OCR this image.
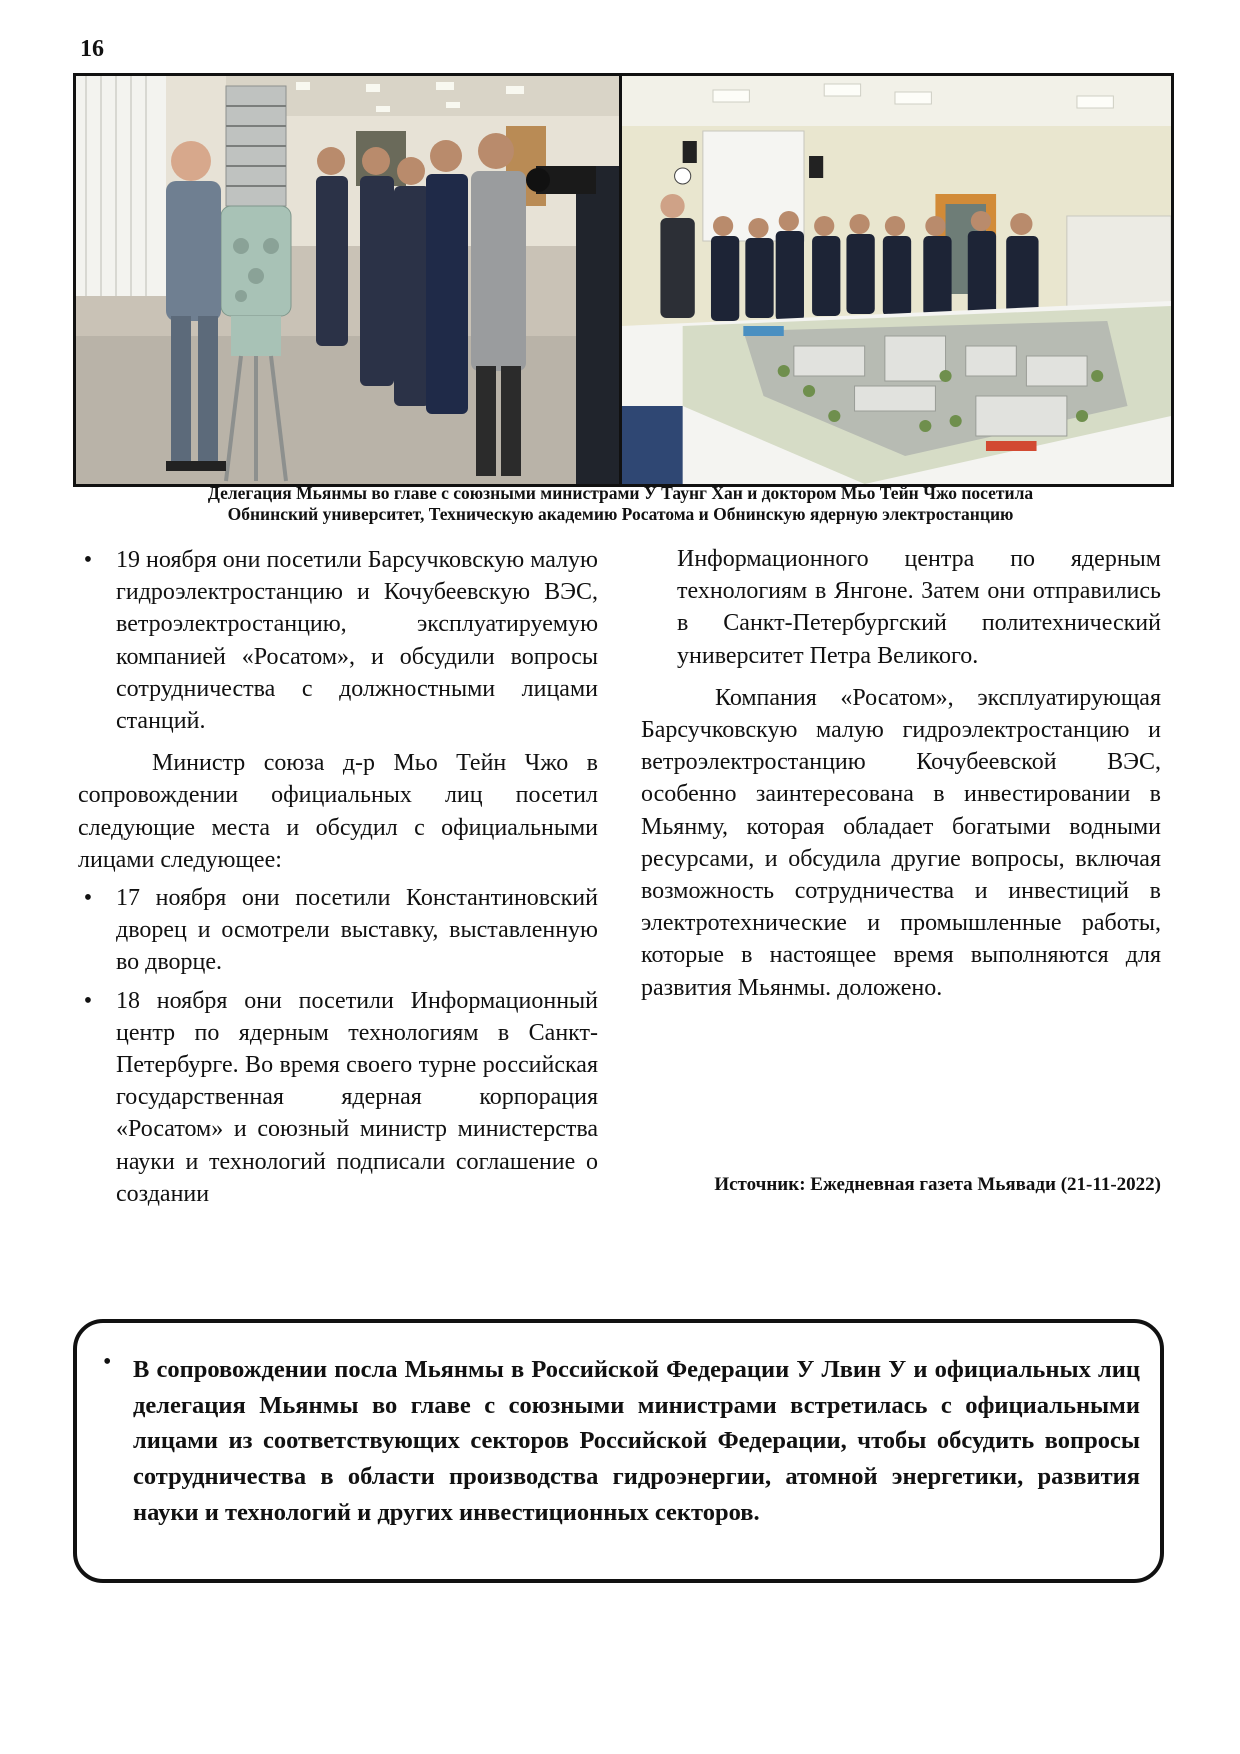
16
Делегация Мьянмы во главе с союзными министрами У Таунг Хан и доктором Мьо Тейн Чжо посетила
Обнинский университет, Техническую академию Росатома и Обнинскую ядерную электростанцию

• 19 ноября они посетили Барсучковскую малую гидроэлектростанцию и Кочубеевскую ВЭС, ветроэлектростанцию, эксплуатируемую компанией «Росатом», и обсудили вопросы сотрудничества с должностными лицами станций.

Министр союза д-р Мьо Тейн Чжо в сопровождении официальных лиц посетил следующие места и обсудил с официальными лицами следующее:

• 17 ноября они посетили Константиновский дворец и осмотрели выставку, выставленную во дворце.

• 18 ноября они посетили Информационный центр по ядерным технологиям в Санкт-Петербурге. Во время своего турне российская государственная ядерная корпорация «Росатом» и союзный министр министерства науки и технологий подписали соглашение о создании

Информационного центра по ядерным технологиям в Янгоне. Затем они отправились в Санкт-Петербургский политехнический университет Петра Великого.

Компания «Росатом», эксплуатирующая Барсучковскую малую гидроэлектростанцию и ветроэлектростанцию Кочубеевской ВЭС, особенно заинтересована в инвестировании в Мьянму, которая обладает богатыми водными ресурсами, и обсудила другие вопросы, включая возможность сотрудничества и инвестиций в электротехнические и промышленные работы, которые в настоящее время выполняются для развития Мьянмы. доложено.

Источник: Ежедневная газета Мьявади (21-11-2022)
• В сопровождении посла Мьянмы в Российской Федерации У Лвин У и официальных лиц делегация Мьянмы во главе с союзными министрами встретилась с официальными лицами из соответствующих секторов Российской Федерации, чтобы обсудить вопросы сотрудничества в области производства гидроэнергии, атомной энергетики, развития науки и технологий и других инвестиционных секторов.
